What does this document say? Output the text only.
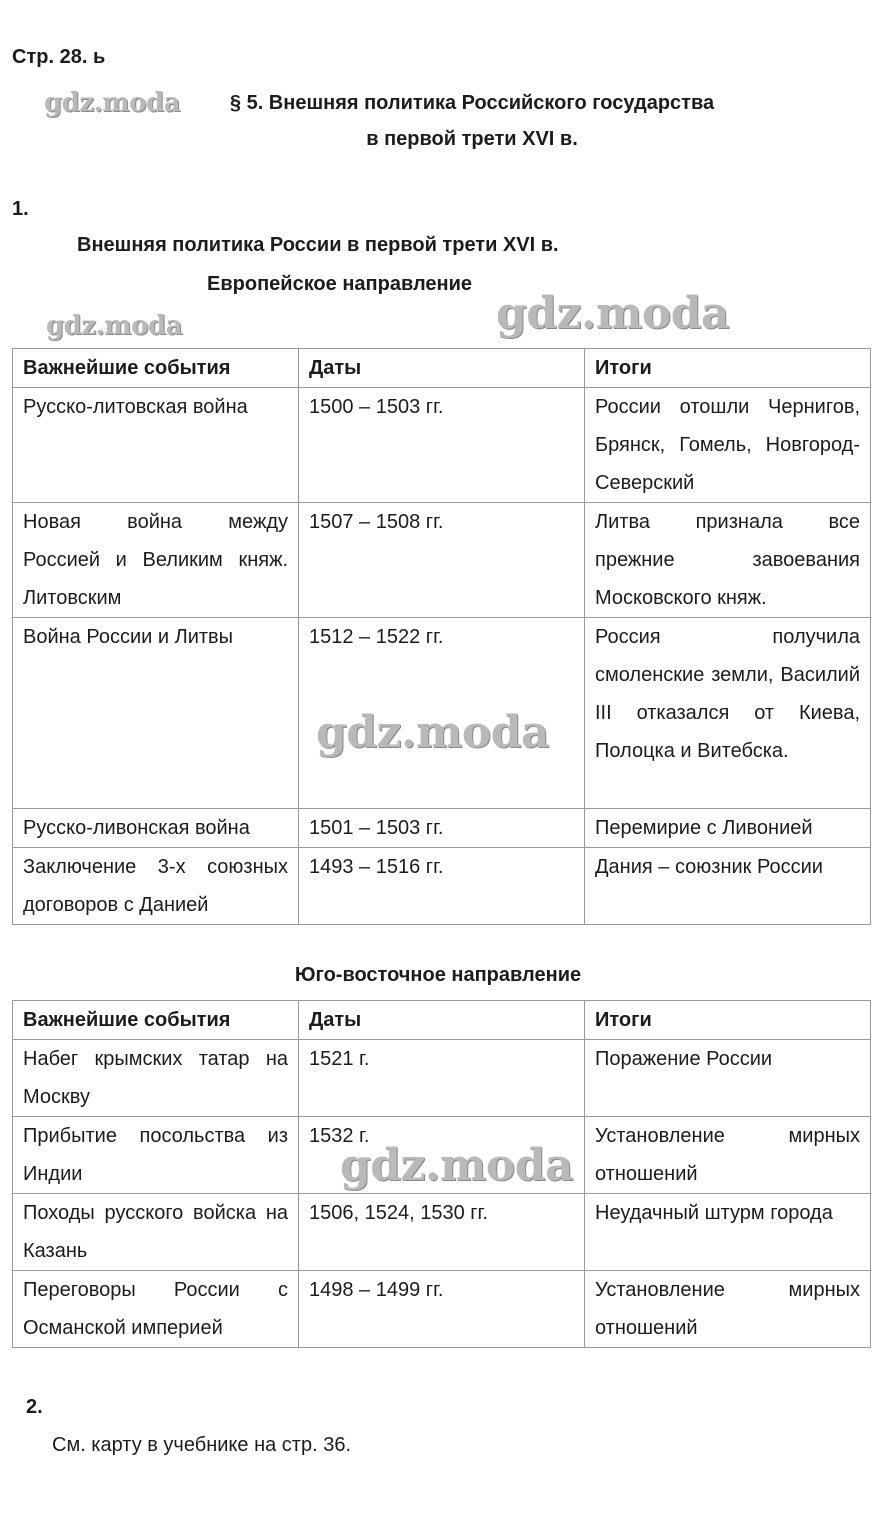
Стр. 28. ь
gdz.moda	§ 5. Внешняя политика Российского государства
в первой трети XVI в.
1.
Внешняя политика России в первой трети XVI в.
Европейское направление
gdz.moda	gdz.moda
Важнейшие события	Даты	Итоги
Русско-литовская война	1500 – 1503 гг.	России отошли Чернигов, Брянск, Гомель, Новгород-Северский
Новая война между Россией и Великим княж. Литовским	1507 – 1508 гг.	Литва признала все прежние завоевания Московского княж.
Война России и Литвы	1512 – 1522 гг.	Россия получила смоленские земли, Василий III отказался от Киева, Полоцка и Витебска.
Русско-ливонская война	1501 – 1503 гг.	Перемирие с Ливонией
Заключение 3-х союзных договоров с Данией	1493 – 1516 гг.	Дания – союзник России
gdz.moda
Юго-восточное направление
Важнейшие события	Даты	Итоги
Набег крымских татар на Москву	1521 г.	Поражение России
Прибытие посольства из Индии	1532 г.	Установление мирных отношений
Походы русского войска на Казань	1506, 1524, 1530 гг.	Неудачный штурм города
Переговоры России с Османской империей	1498 – 1499 гг.	Установление мирных отношений
gdz.moda
2.
См. карту в учебнике на стр. 36.
